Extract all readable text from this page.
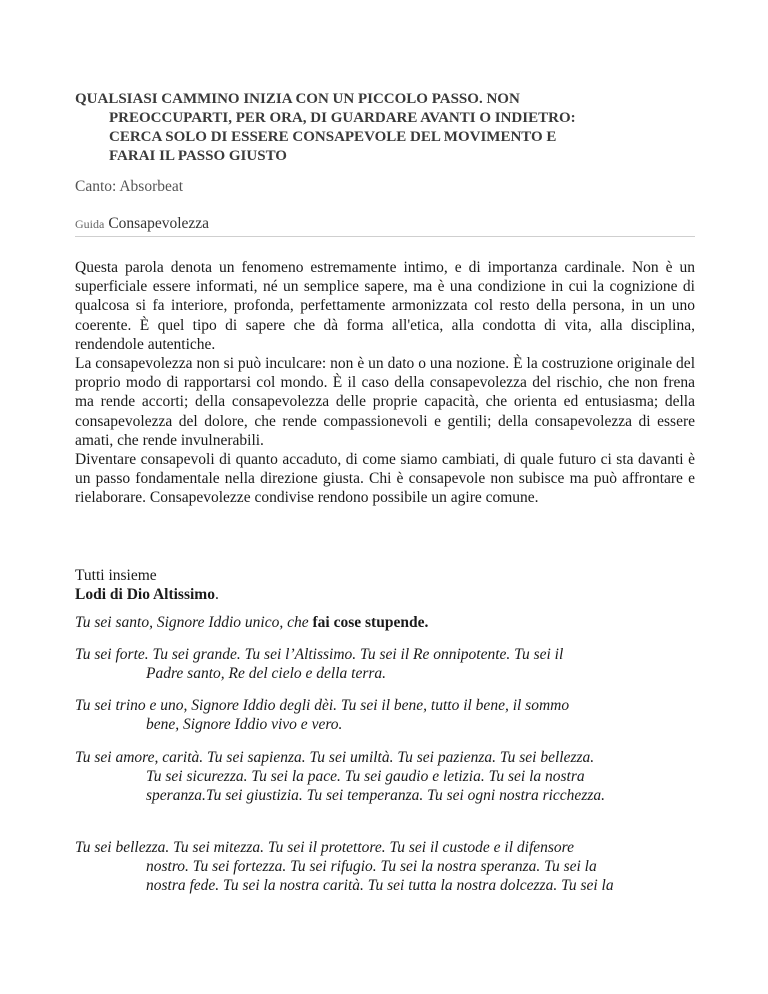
QUALSIASI CAMMINO INIZIA CON UN PICCOLO PASSO. NON
PREOCCUPARTI, PER ORA, DI GUARDARE AVANTI O INDIETRO:
CERCA SOLO DI ESSERE CONSAPEVOLE DEL MOVIMENTO E
FARAI IL PASSO GIUSTO
Canto: Absorbeat
Guida Consapevolezza

Questa parola denota un fenomeno estremamente intimo, e di importanza cardinale. Non è un superficiale essere informati, né un semplice sapere, ma è una condizione in cui la cognizione di qualcosa si fa interiore, profonda, perfettamente armonizzata col resto della persona, in un uno coerente. È quel tipo di sapere che dà forma all'etica, alla condotta di vita, alla disciplina, rendendole autentiche.

La consapevolezza non si può inculcare: non è un dato o una nozione. È la costruzione originale del proprio modo di rapportarsi col mondo. È il caso della consapevolezza del rischio, che non frena ma rende accorti; della consapevolezza delle proprie capacità, che orienta ed entusiasma; della consapevolezza del dolore, che rende compassionevoli e gentili; della consapevolezza di essere amati, che rende invulnerabili.

Diventare consapevoli di quanto accaduto, di come siamo cambiati, di quale futuro ci sta davanti è un passo fondamentale nella direzione giusta. Chi è consapevole non subisce ma può affrontare e rielaborare. Consapevolezze condivise rendono possibile un agire comune.

Tutti insieme
Lodi di Dio Altissimo.
Tu sei santo, Signore Iddio unico, che fai cose stupende.
Tu sei forte. Tu sei grande. Tu sei l’Altissimo. Tu sei il Re onnipotente. Tu sei il
Padre santo, Re del cielo e della terra.
Tu sei trino e uno, Signore Iddio degli dèi. Tu sei il bene, tutto il bene, il sommo
bene, Signore Iddio vivo e vero.
Tu sei amore, carità. Tu sei sapienza. Tu sei umiltà. Tu sei pazienza. Tu sei bellezza.
Tu sei sicurezza. Tu sei la pace. Tu sei gaudio e letizia. Tu sei la nostra
speranza.Tu sei giustizia. Tu sei temperanza. Tu sei ogni nostra ricchezza.
Tu sei bellezza. Tu sei mitezza. Tu sei il protettore. Tu sei il custode e il difensore
nostro. Tu sei fortezza. Tu sei rifugio. Tu sei la nostra speranza. Tu sei la
nostra fede. Tu sei la nostra carità. Tu sei tutta la nostra dolcezza. Tu sei la
